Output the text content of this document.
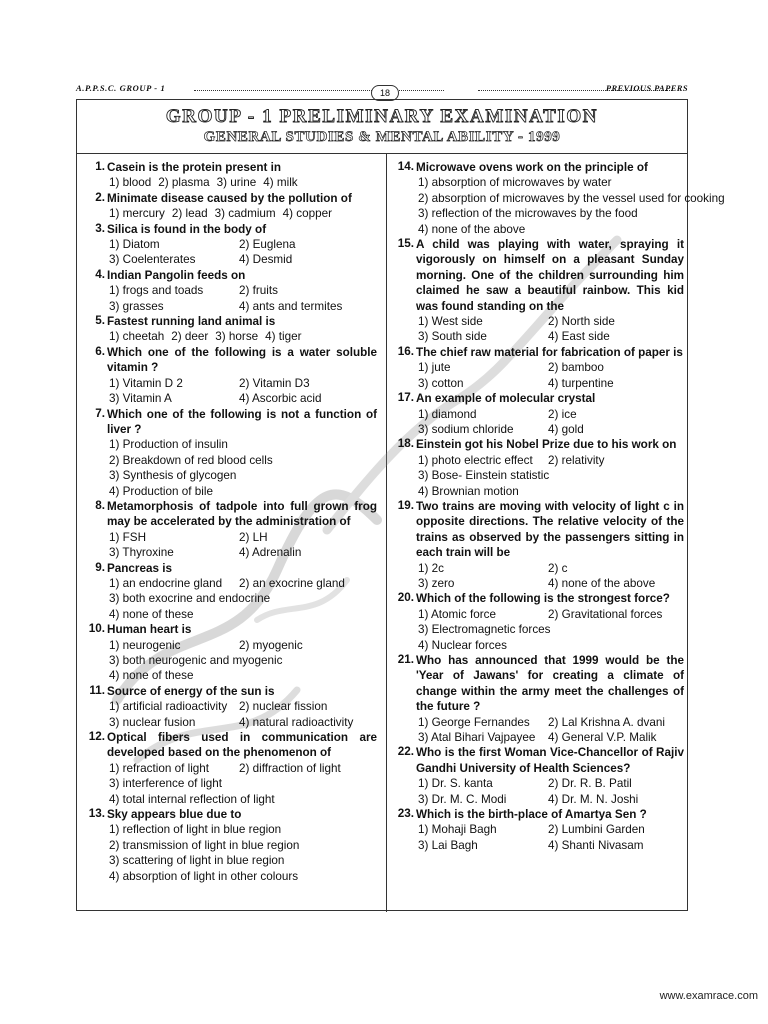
A.P.P.S.C. GROUP - 1	PREVIOUS PAPERS
18
GROUP - 1 PRELIMINARY EXAMINATION
GENERAL STUDIES & MENTAL ABILITY - 1999
1. Casein is the protein present in
1) blood 2) plasma 3) urine 4) milk
2. Minimate disease caused by the pollution of
1) mercury 2) lead 3) cadmium 4) copper
3. Silica is found in the body of
1) Diatom	2) Euglena
3) Coelenterates	4) Desmid
4. Indian Pangolin feeds on
1) frogs and toads	2) fruits
3) grasses	4) ants and termites
5. Fastest running land animal is
1) cheetah 2) deer 3) horse 4) tiger
6. Which one of the following is a water soluble vitamin ?
1) Vitamin D 2	2) Vitamin D3
3) Vitamin A	4) Ascorbic acid
7. Which one of the following is not a function of liver ?
1) Production of insulin
2) Breakdown of red blood cells
3) Synthesis of glycogen
4) Production of bile
8. Metamorphosis of tadpole into full grown frog may be accelerated by the administration of
1) FSH	2) LH
3) Thyroxine	4) Adrenalin
9. Pancreas is
1) an endocrine gland	2) an exocrine gland
3) both exocrine and endocrine
4) none of these
10. Human heart is
1) neurogenic	2) myogenic
3) both neurogenic and myogenic
4) none of these
11. Source of energy of the sun is
1) artificial radioactivity	2) nuclear fission
3) nuclear fusion	4) natural radioactivity
12. Optical fibers used in communication are developed based on the phenomenon of
1) refraction of light	2) diffraction of light
3) interference of light
4) total internal reflection of light
13. Sky appears blue due to
1) reflection of light in blue region
2) transmission of light in blue region
3) scattering of light in blue region
4) absorption of light in other colours
14. Microwave ovens work on the principle of
1) absorption of microwaves by water
2) absorption of microwaves by the vessel used for cooking
3) reflection of the microwaves by the food
4) none of the above
15. A child was playing with water, spraying it vigorously on himself on a pleasant Sunday morning. One of the children surrounding him claimed he saw a beautiful rainbow. This kid was found standing on the
1) West side	2) North side
3) South side	4) East side
16. The chief raw material for fabrication of paper is
1) jute	2) bamboo
3) cotton	4) turpentine
17. An example of molecular crystal
1) diamond	2) ice
3) sodium chloride	4) gold
18. Einstein got his Nobel Prize due to his work on
1) photo electric effect	2) relativity
3) Bose- Einstein statistic
4) Brownian motion
19. Two trains are moving with velocity of light c in opposite directions. The relative velocity of the trains as observed by the passengers sitting in each train will be
1) 2c	2) c
3) zero	4) none of the above
20. Which of the following is the strongest force?
1) Atomic force	2) Gravitational forces
3) Electromagnetic forces
4) Nuclear forces
21. Who has announced that 1999 would be the 'Year of Jawans' for creating a climate of change within the army meet the challenges of the future ?
1) George Fernandes	2) Lal Krishna A. dvani
3) Atal Bihari Vajpayee	4) General V.P. Malik
22. Who is the first Woman Vice-Chancellor of Rajiv Gandhi University of Health Sciences?
1) Dr. S. kanta	2) Dr. R. B. Patil
3) Dr. M. C. Modi	4) Dr. M. N. Joshi
23. Which is the birth-place of Amartya Sen ?
1) Mohaji Bagh	2) Lumbini Garden
3) Lai Bagh	4) Shanti Nivasam
www.examrace.com
